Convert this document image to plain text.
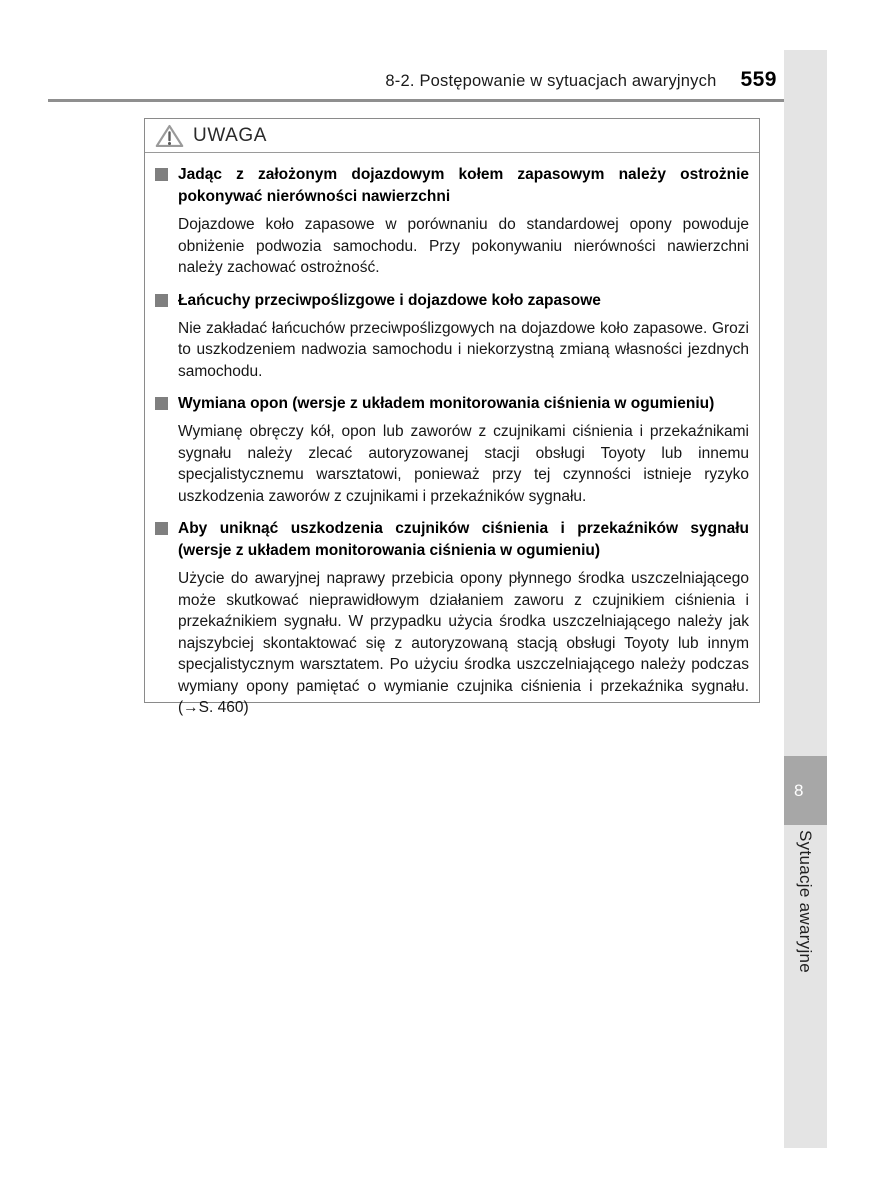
8-2. Postępowanie w sytuacjach awaryjnych 559
UWAGA
Jadąc z założonym dojazdowym kołem zapasowym należy ostrożnie pokonywać nierówności nawierzchni

Dojazdowe koło zapasowe w porównaniu do standardowej opony powoduje obniżenie podwozia samochodu. Przy pokonywaniu nierówności nawierzchni należy zachować ostrożność.

Łańcuchy przeciwpoślizgowe i dojazdowe koło zapasowe

Nie zakładać łańcuchów przeciwpoślizgowych na dojazdowe koło zapasowe. Grozi to uszkodzeniem nadwozia samochodu i niekorzystną zmianą własności jezdnych samochodu.

Wymiana opon (wersje z układem monitorowania ciśnienia w ogumieniu)

Wymianę obręczy kół, opon lub zaworów z czujnikami ciśnienia i przekaźnikami sygnału należy zlecać autoryzowanej stacji obsługi Toyoty lub innemu specjalistycznemu warsztatowi, ponieważ przy tej czynności istnieje ryzyko uszkodzenia zaworów z czujnikami i przekaźników sygnału.

Aby uniknąć uszkodzenia czujników ciśnienia i przekaźników sygnału (wersje z układem monitorowania ciśnienia w ogumieniu)

Użycie do awaryjnej naprawy przebicia opony płynnego środka uszczelniającego może skutkować nieprawidłowym działaniem zaworu z czujnikiem ciśnienia i przekaźnikiem sygnału. W przypadku użycia środka uszczelniającego należy jak najszybciej skontaktować się z autoryzowaną stacją obsługi Toyoty lub innym specjalistycznym warsztatem. Po użyciu środka uszczelniającego należy podczas wymiany opony pamiętać o wymianie czujnika ciśnienia i przekaźnika sygnału. (→S. 460)

8
Sytuacje awaryjne
